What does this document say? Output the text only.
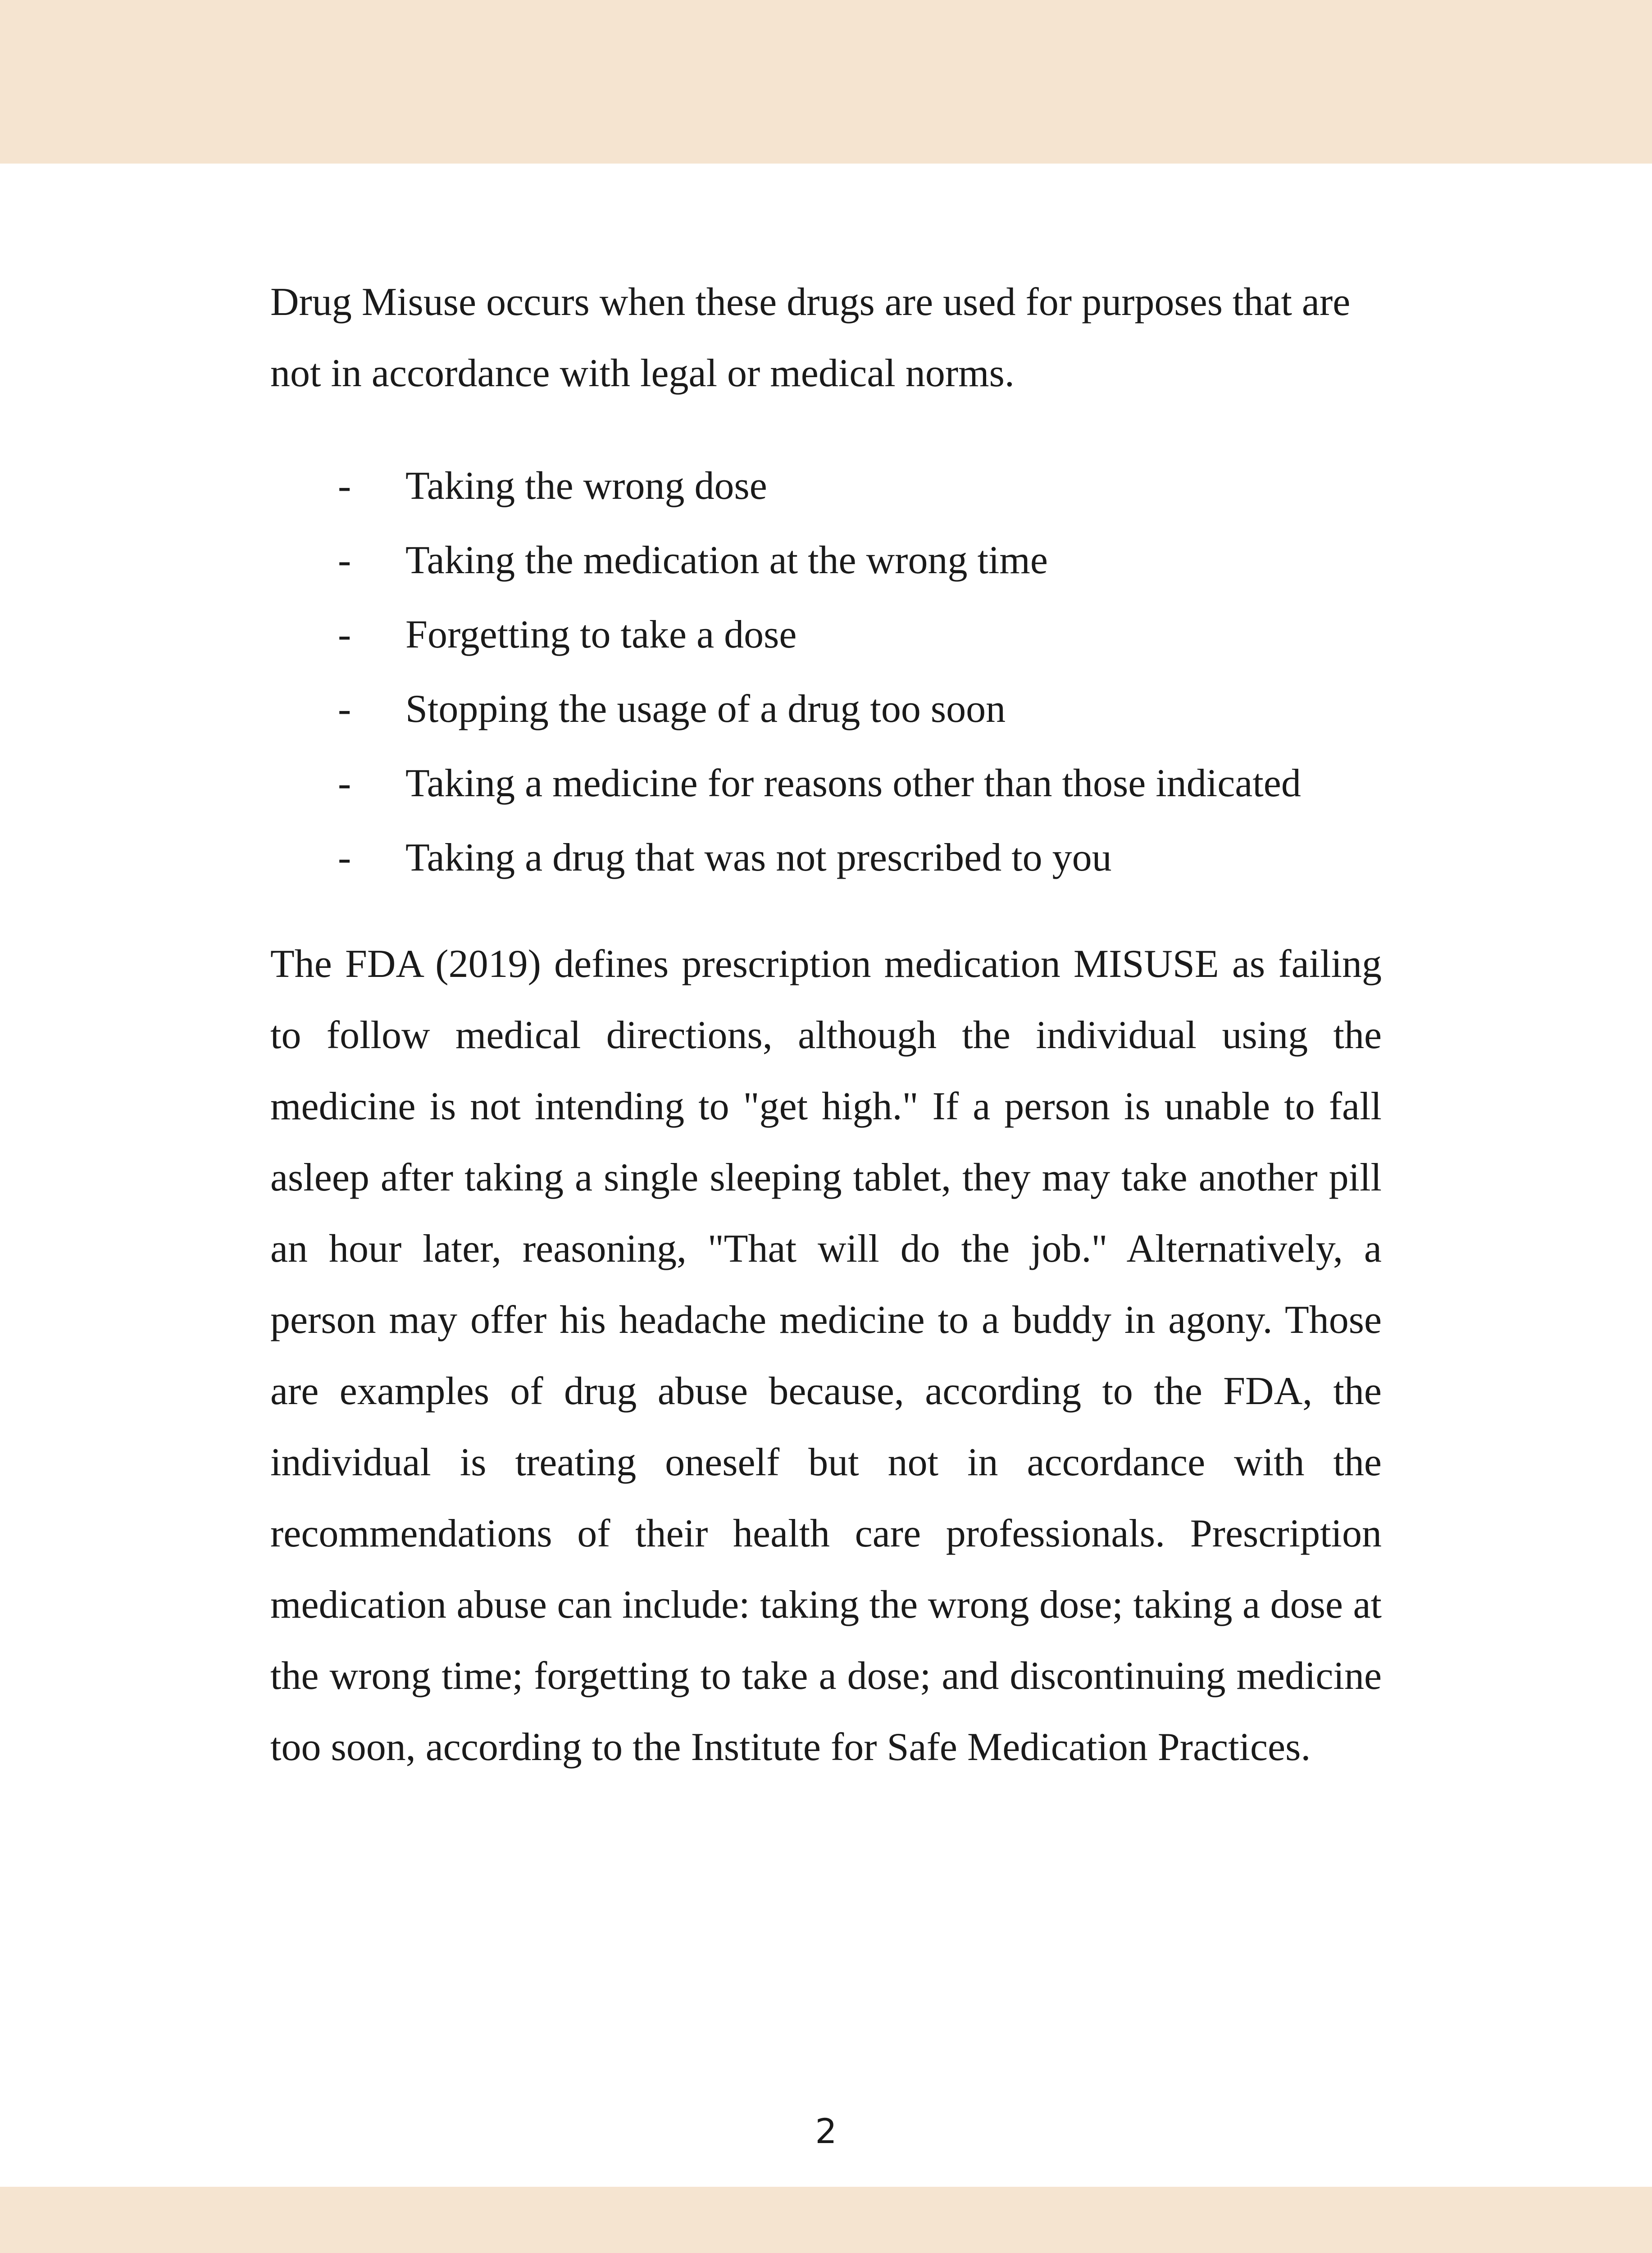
Drug Misuse occurs when these drugs are used for purposes that are not in accordance with legal or medical norms.

- Taking the wrong dose
- Taking the medication at the wrong time
- Forgetting to take a dose
- Stopping the usage of a drug too soon
- Taking a medicine for reasons other than those indicated
- Taking a drug that was not prescribed to you

The FDA (2019) defines prescription medication MISUSE as failing to follow medical directions, although the individual using the medicine is not intending to "get high." If a person is unable to fall asleep after taking a single sleeping tablet, they may take another pill an hour later, reasoning, "That will do the job." Alternatively, a person may offer his headache medicine to a buddy in agony. Those are examples of drug abuse because, according to the FDA, the individual is treating oneself but not in accordance with the recommendations of their health care professionals. Prescription medication abuse can include: taking the wrong dose; taking a dose at the wrong time; forgetting to take a dose; and discontinuing medicine too soon, according to the Institute for Safe Medication Practices.

2
